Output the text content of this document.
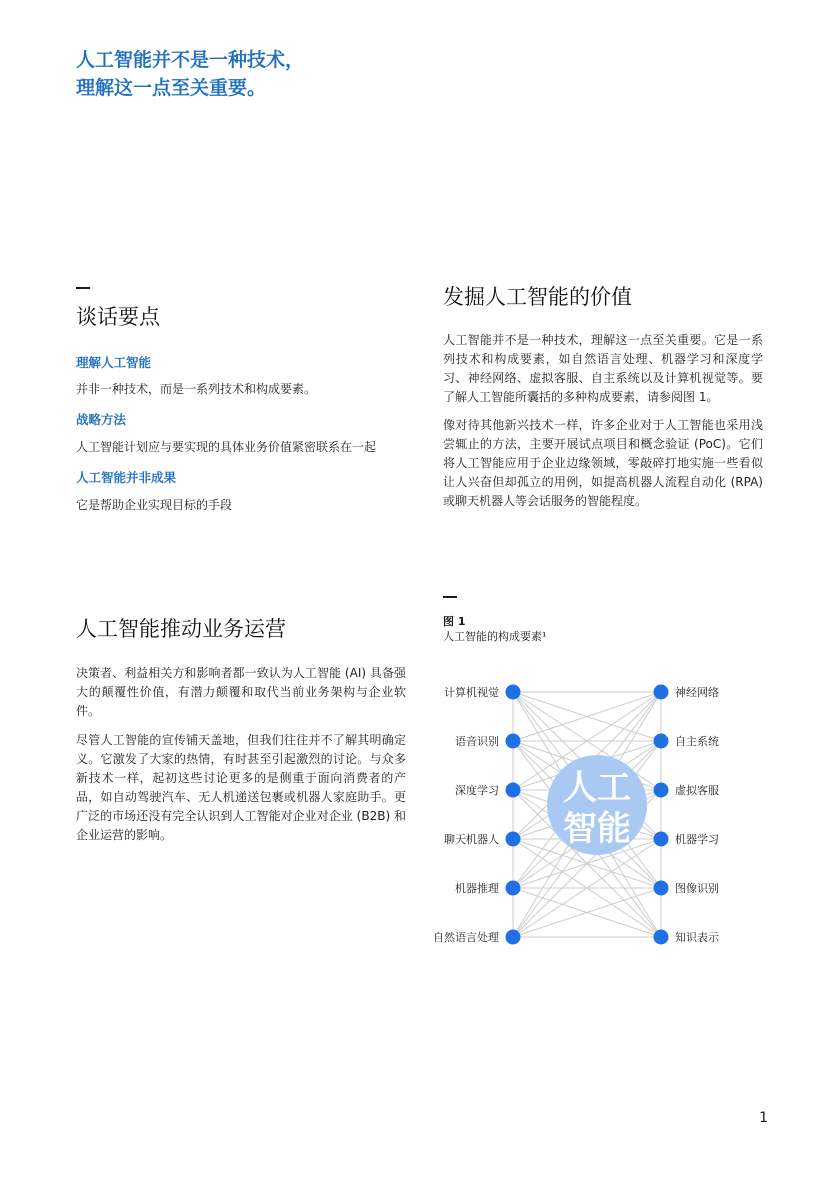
人工智能并不是一种技术，
理解这一点至关重要。
谈话要点

理解人工智能

并非一种技术，而是一系列技术和构成要素。

战略方法

人工智能计划应与要实现的具体业务价值紧密联系在一起

人工智能并非成果

它是帮助企业实现目标的手段

发掘人工智能的价值

人工智能并不是一种技术，理解这一点至关重要。它是一系列技术和构成要素，如自然语言处理、机器学习和深度学习、神经网络、虚拟客服、自主系统以及计算机视觉等。要了解人工智能所囊括的多种构成要素，请参阅图 1。

像对待其他新兴技术一样，许多企业对于人工智能也采用浅尝辄止的方法，主要开展试点项目和概念验证 (PoC)。它们将人工智能应用于企业边缘领域，零敲碎打地实施一些看似让人兴奋但却孤立的用例，如提高机器人流程自动化 (RPA) 或聊天机器人等会话服务的智能程度。

人工智能推动业务运营

决策者、利益相关方和影响者都一致认为人工智能 (AI) 具备强大的颠覆性价值，有潜力颠覆和取代当前业务架构与企业软件。

尽管人工智能的宣传铺天盖地，但我们往往并不了解其明确定义。它激发了大家的热情，有时甚至引起激烈的讨论。与众多新技术一样，起初这些讨论更多的是侧重于面向消费者的产品，如自动驾驶汽车、无人机递送包裹或机器人家庭助手。更广泛的市场还没有完全认识到人工智能对企业对企业 (B2B) 和企业运营的影响。

图 1

人工智能的构成要素¹

人工
智能
计算机视觉
语音识别
深度学习
聊天机器人
机器推理
自然语言处理
神经网络
自主系统
虚拟客服
机器学习
图像识别
知识表示
1
